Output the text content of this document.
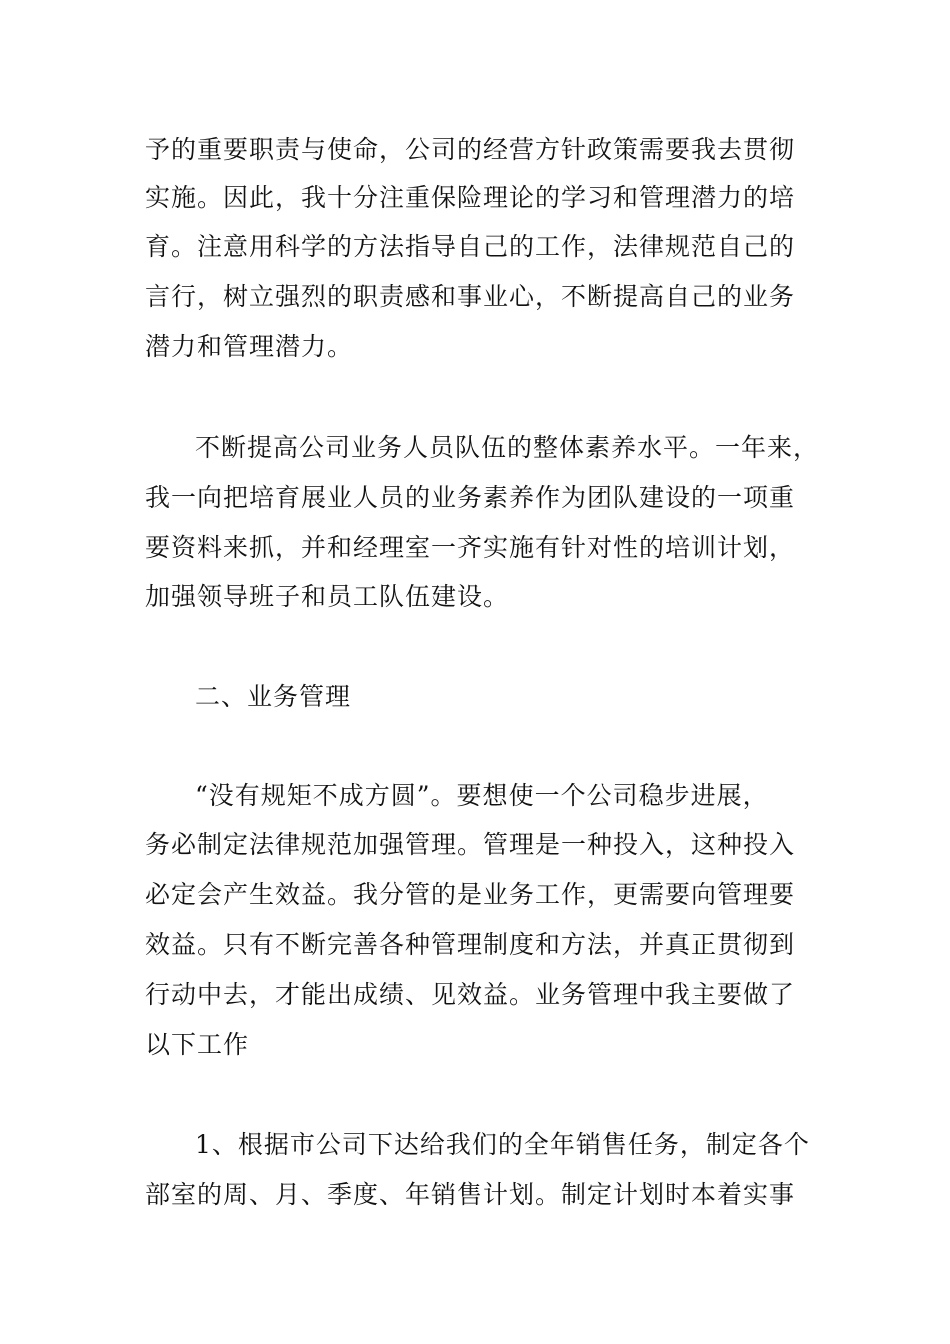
予的重要职责与使命，公司的经营方针政策需要我去贯彻
实施。因此，我十分注重保险理论的学习和管理潜力的培
育。注意用科学的方法指导自己的工作，法律规范自己的
言行，树立强烈的职责感和事业心，不断提高自己的业务
潜力和管理潜力。
不断提高公司业务人员队伍的整体素养水平。一年来，
我一向把培育展业人员的业务素养作为团队建设的一项重
要资料来抓，并和经理室一齐实施有针对性的培训计划，
加强领导班子和员工队伍建设。
二、业务管理
“没有规矩不成方圆”。要想使一个公司稳步进展，
务必制定法律规范加强管理。管理是一种投入，这种投入
必定会产生效益。我分管的是业务工作，更需要向管理要
效益。只有不断完善各种管理制度和方法，并真正贯彻到
行动中去，才能出成绩、见效益。业务管理中我主要做了
以下工作
1、根据市公司下达给我们的全年销售任务，制定各个
部室的周、月、季度、年销售计划。制定计划时本着实事
